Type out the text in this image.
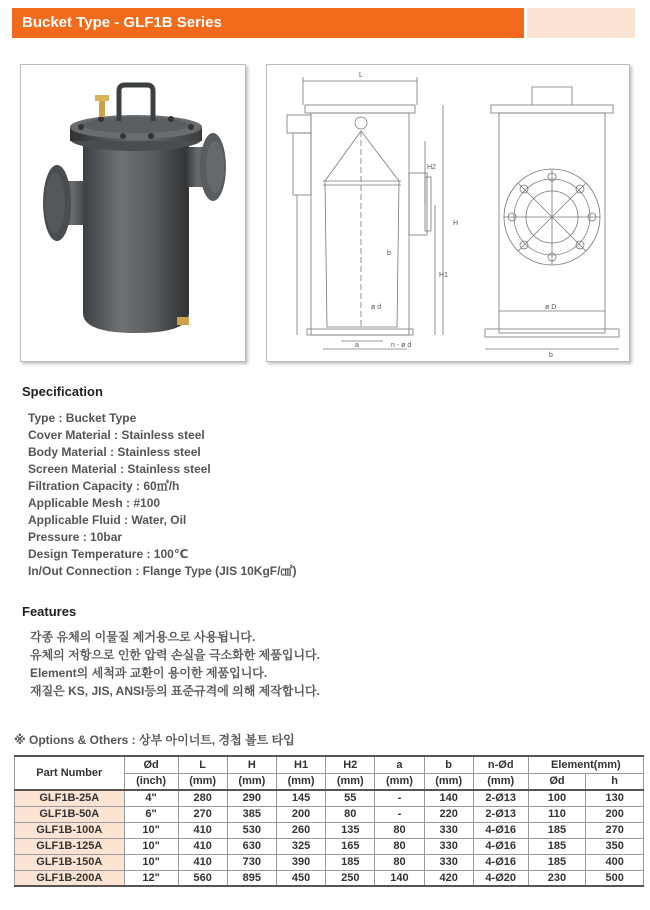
Bucket Type - GLF1B Series
L
H
H1
H2
b
ø d
a	n - ø d
ø D
b
Specification
Type : Bucket Type
Cover Material : Stainless steel
Body Material : Stainless steel
Screen Material : Stainless steel
Filtration Capacity : 60㎥/h
Applicable Mesh : #100
Applicable Fluid : Water, Oil
Pressure : 10bar
Design Temperature : 100℃
In/Out Connection : Flange Type (JIS 10KgF/㎠)
Features
각종 유체의 이물질 제거용으로 사용됩니다.
유체의 저항으로 인한 압력 손실을 극소화한 제품입니다.
Element의 세척과 교환이 용이한 제품입니다.
재질은 KS, JIS, ANSI등의 표준규격에 의해 제작합니다.
※ Options & Others : 상부 아이너트, 경첩 볼트 타입
Part Number	Ød	L	H	H1	H2	a	b	n-Ød	Element(mm)	
	(inch)	(mm)	(mm)	(mm)	(mm)	(mm)	(mm)	(mm)	Ød	h
GLF1B-25A	4"	280	290	145	55	-	140	2-Ø13	100	130
GLF1B-50A	6"	270	385	200	80	-	220	2-Ø13	110	200
GLF1B-100A	10"	410	530	260	135	80	330	4-Ø16	185	270
GLF1B-125A	10"	410	630	325	165	80	330	4-Ø16	185	350
GLF1B-150A	10"	410	730	390	185	80	330	4-Ø16	185	400
GLF1B-200A	12"	560	895	450	250	140	420	4-Ø20	230	500
